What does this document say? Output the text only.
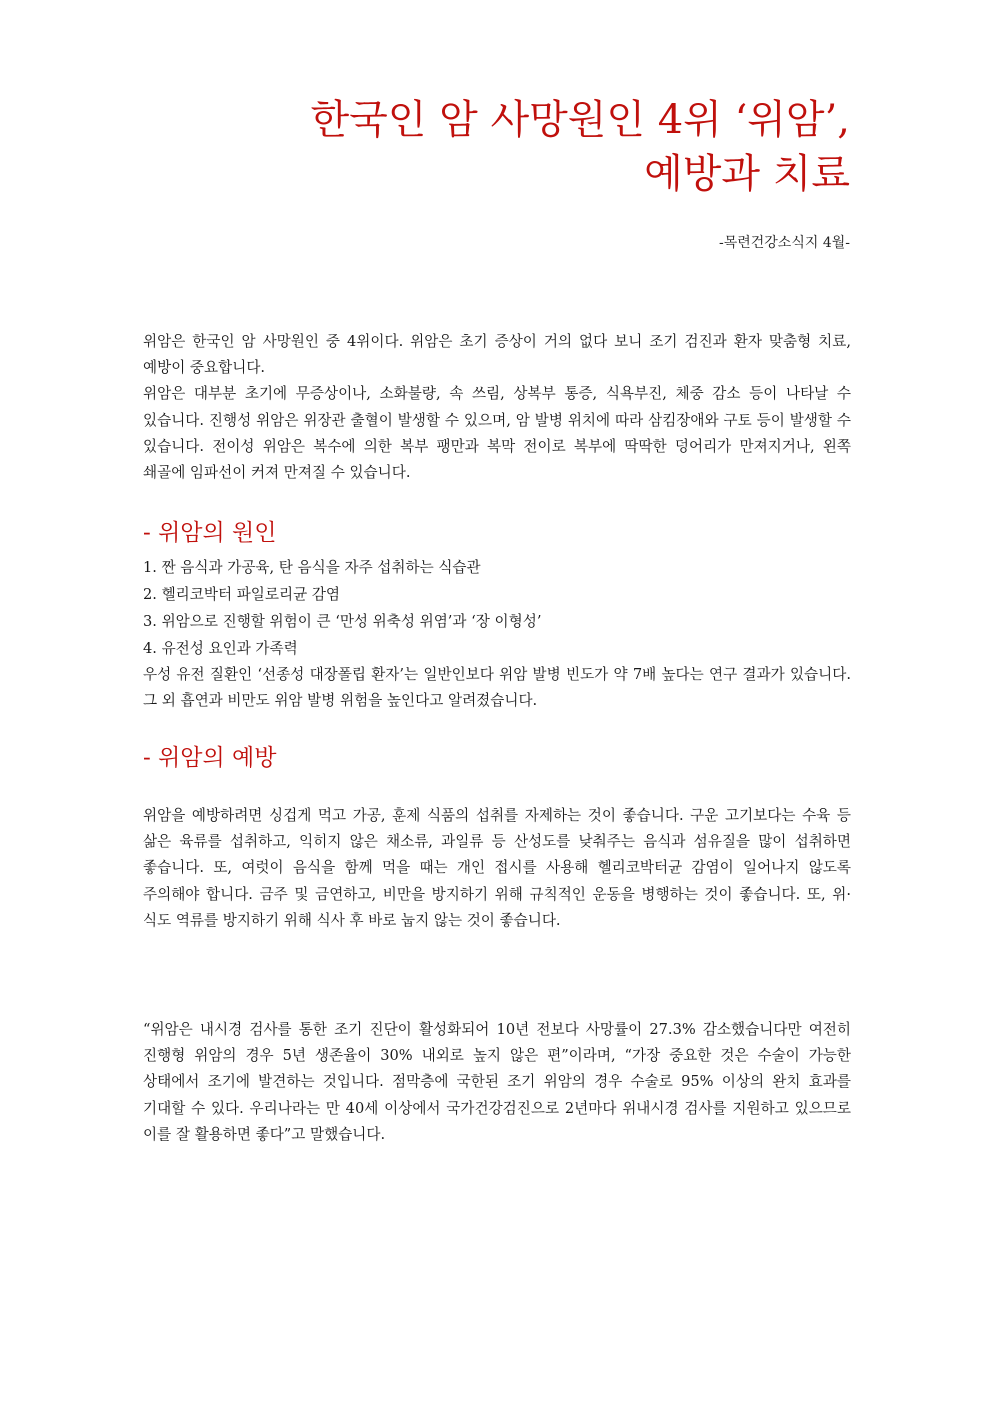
한국인 암 사망원인 4위 ‘위암’,
예방과 치료
-목련건강소식지 4월-

위암은 한국인 암 사망원인 중 4위이다. 위암은 초기 증상이 거의 없다 보니 조기 검진과 환자 맞춤형 치료, 예방이 중요합니다.

위암은 대부분 초기에 무증상이나, 소화불량, 속 쓰림, 상복부 통증, 식욕부진, 체중 감소 등이 나타날 수 있습니다. 진행성 위암은 위장관 출혈이 발생할 수 있으며, 암 발병 위치에 따라 삼킴장애와 구토 등이 발생할 수 있습니다. 전이성 위암은 복수에 의한 복부 팽만과 복막 전이로 복부에 딱딱한 덩어리가 만져지거나, 왼쪽 쇄골에 임파선이 커져 만져질 수 있습니다.

- 위암의 원인
1. 짠 음식과 가공육, 탄 음식을 자주 섭취하는 식습관
2. 헬리코박터 파일로리균 감염
3. 위암으로 진행할 위험이 큰 ‘만성 위축성 위염’과 ‘장 이형성’
4. 유전성 요인과 가족력

우성 유전 질환인 ‘선종성 대장폴립 환자’는 일반인보다 위암 발병 빈도가 약 7배 높다는 연구 결과가 있습니다. 그 외 흡연과 비만도 위암 발병 위험을 높인다고 알려졌습니다.

- 위암의 예방

위암을 예방하려면 싱겁게 먹고 가공, 훈제 식품의 섭취를 자제하는 것이 좋습니다. 구운 고기보다는 수육 등 삶은 육류를 섭취하고, 익히지 않은 채소류, 과일류 등 산성도를 낮춰주는 음식과 섬유질을 많이 섭취하면 좋습니다. 또, 여럿이 음식을 함께 먹을 때는 개인 접시를 사용해 헬리코박터균 감염이 일어나지 않도록 주의해야 합니다. 금주 및 금연하고, 비만을 방지하기 위해 규칙적인 운동을 병행하는 것이 좋습니다. 또, 위·식도 역류를 방지하기 위해 식사 후 바로 눕지 않는 것이 좋습니다.

“위암은 내시경 검사를 통한 조기 진단이 활성화되어 10년 전보다 사망률이 27.3% 감소했습니다만 여전히 진행형 위암의 경우 5년 생존율이 30% 내외로 높지 않은 편”이라며, “가장 중요한 것은 수술이 가능한 상태에서 조기에 발견하는 것입니다. 점막층에 국한된 조기 위암의 경우 수술로 95% 이상의 완치 효과를 기대할 수 있다. 우리나라는 만 40세 이상에서 국가건강검진으로 2년마다 위내시경 검사를 지원하고 있으므로 이를 잘 활용하면 좋다”고 말했습니다.
